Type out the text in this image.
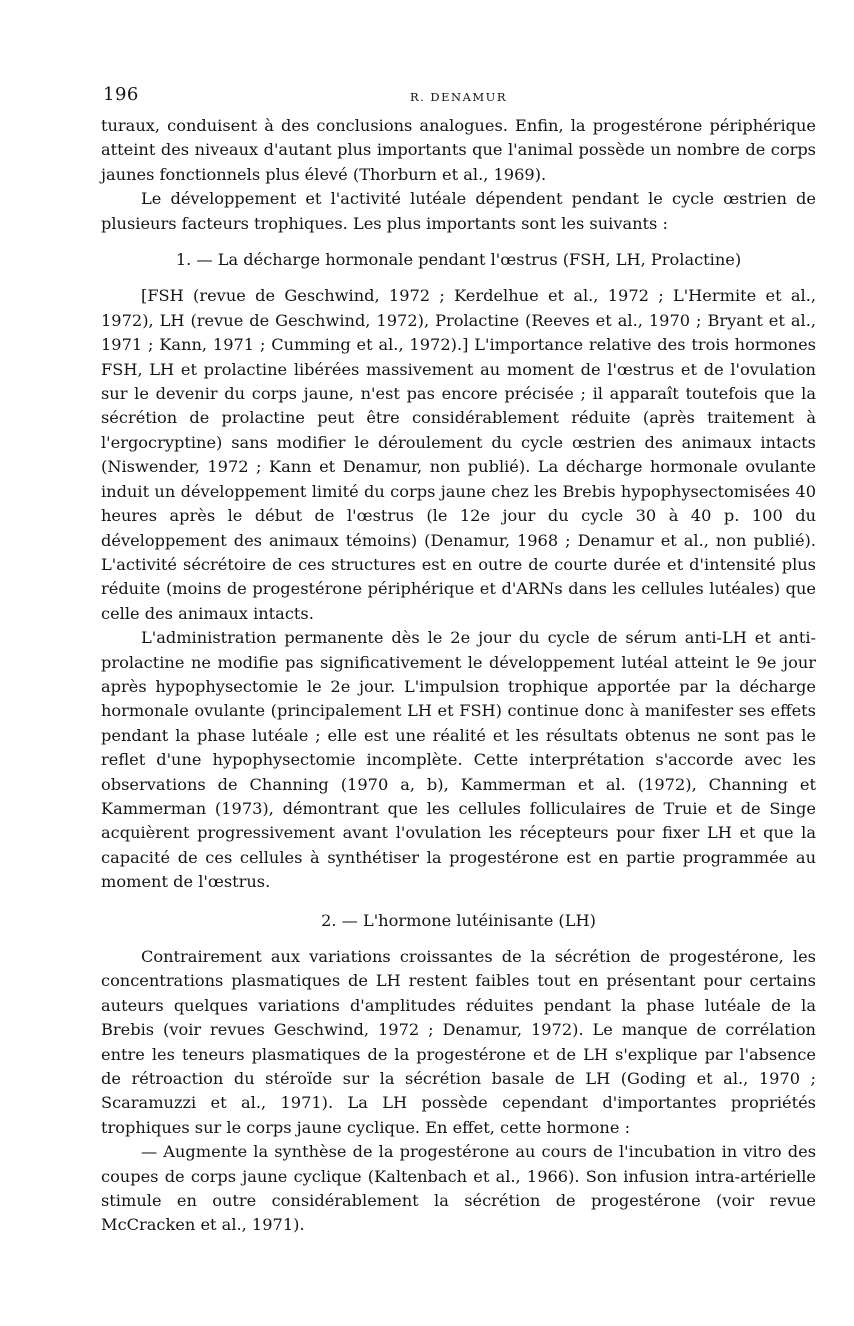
196	R. DENAMUR

turaux, conduisent à des conclusions analogues. Enfin, la progestérone périphérique atteint des niveaux d'autant plus importants que l'animal possède un nombre de corps jaunes fonctionnels plus élevé (Thorburn et al., 1969).

Le développement et l'activité lutéale dépendent pendant le cycle œstrien de plusieurs facteurs trophiques. Les plus importants sont les suivants :

1. — La décharge hormonale pendant l'œstrus (FSH, LH, Prolactine)

[FSH (revue de Geschwind, 1972 ; Kerdelhue et al., 1972 ; L'Hermite et al., 1972), LH (revue de Geschwind, 1972), Prolactine (Reeves et al., 1970 ; Bryant et al., 1971 ; Kann, 1971 ; Cumming et al., 1972).] L'importance relative des trois hormones FSH, LH et prolactine libérées massivement au moment de l'œstrus et de l'ovulation sur le devenir du corps jaune, n'est pas encore précisée ; il apparaît toutefois que la sécrétion de prolactine peut être considérablement réduite (après traitement à l'ergocryptine) sans modifier le déroulement du cycle œstrien des animaux intacts (Niswender, 1972 ; Kann et Denamur, non publié). La décharge hormonale ovulante induit un développement limité du corps jaune chez les Brebis hypophysectomisées 40 heures après le début de l'œstrus (le 12e jour du cycle 30 à 40 p. 100 du développement des animaux témoins) (Denamur, 1968 ; Denamur et al., non publié). L'activité sécrétoire de ces structures est en outre de courte durée et d'intensité plus réduite (moins de progestérone périphérique et d'ARNs dans les cellules lutéales) que celle des animaux intacts.

L'administration permanente dès le 2e jour du cycle de sérum anti-LH et anti-prolactine ne modifie pas significativement le développement lutéal atteint le 9e jour après hypophysectomie le 2e jour. L'impulsion trophique apportée par la décharge hormonale ovulante (principalement LH et FSH) continue donc à manifester ses effets pendant la phase lutéale ; elle est une réalité et les résultats obtenus ne sont pas le reflet d'une hypophysectomie incomplète. Cette interprétation s'accorde avec les observations de Channing (1970 a, b), Kammerman et al. (1972), Channing et Kammerman (1973), démontrant que les cellules folliculaires de Truie et de Singe acquièrent progressivement avant l'ovulation les récepteurs pour fixer LH et que la capacité de ces cellules à synthétiser la progestérone est en partie programmée au moment de l'œstrus.

2. — L'hormone lutéinisante (LH)

Contrairement aux variations croissantes de la sécrétion de progestérone, les concentrations plasmatiques de LH restent faibles tout en présentant pour certains auteurs quelques variations d'amplitudes réduites pendant la phase lutéale de la Brebis (voir revues Geschwind, 1972 ; Denamur, 1972). Le manque de corrélation entre les teneurs plasmatiques de la progestérone et de LH s'explique par l'absence de rétroaction du stéroïde sur la sécrétion basale de LH (Goding et al., 1970 ; Scaramuzzi et al., 1971). La LH possède cependant d'importantes propriétés trophiques sur le corps jaune cyclique. En effet, cette hormone :

— Augmente la synthèse de la progestérone au cours de l'incubation in vitro des coupes de corps jaune cyclique (Kaltenbach et al., 1966). Son infusion intra-artérielle stimule en outre considérablement la sécrétion de progestérone (voir revue McCracken et al., 1971).
